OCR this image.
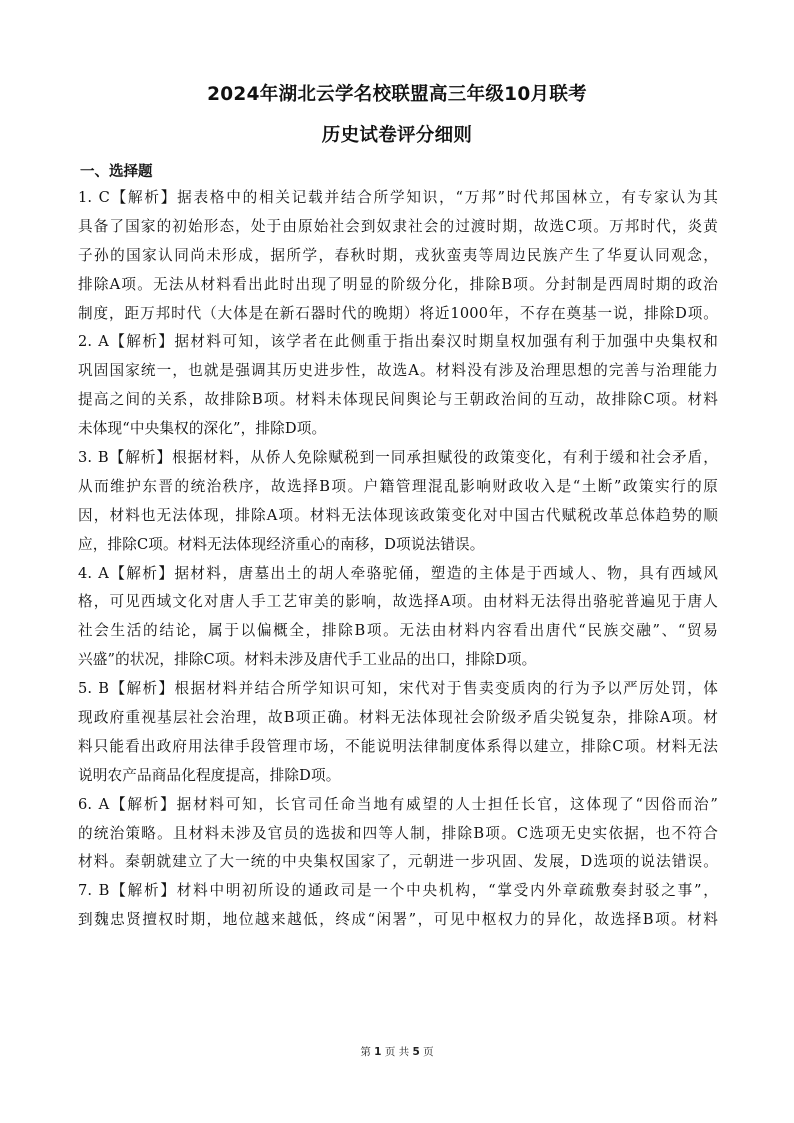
2024年湖北云学名校联盟高三年级10月联考
历史试卷评分细则
一、选择题
1. C【解析】据表格中的相关记载并结合所学知识，“万邦”时代邦国林立，有专家认为其
具备了国家的初始形态，处于由原始社会到奴隶社会的过渡时期，故选C项。万邦时代，炎黄
子孙的国家认同尚未形成，据所学，春秋时期，戎狄蛮夷等周边民族产生了华夏认同观念，
排除A项。无法从材料看出此时出现了明显的阶级分化，排除B项。分封制是西周时期的政治
制度，距万邦时代（大体是在新石器时代的晚期）将近1000年，不存在奠基一说，排除D项。
2. A【解析】据材料可知，该学者在此侧重于指出秦汉时期皇权加强有利于加强中央集权和
巩固国家统一，也就是强调其历史进步性，故选A。材料没有涉及治理思想的完善与治理能力
提高之间的关系，故排除B项。材料未体现民间舆论与王朝政治间的互动，故排除C项。材料
未体现“中央集权的深化”，排除D项。
3. B【解析】根据材料，从侨人免除赋税到一同承担赋役的政策变化，有利于缓和社会矛盾，
从而维护东晋的统治秩序，故选择B项。户籍管理混乱影响财政收入是“土断”政策实行的原
因，材料也无法体现，排除A项。材料无法体现该政策变化对中国古代赋税改革总体趋势的顺
应，排除C项。材料无法体现经济重心的南移，D项说法错误。
4. A【解析】据材料，唐墓出土的胡人牵骆驼俑，塑造的主体是于西域人、物，具有西域风
格，可见西域文化对唐人手工艺审美的影响，故选择A项。由材料无法得出骆驼普遍见于唐人
社会生活的结论，属于以偏概全，排除B项。无法由材料内容看出唐代“民族交融”、“贸易
兴盛”的状况，排除C项。材料未涉及唐代手工业品的出口，排除D项。
5. B【解析】根据材料并结合所学知识可知，宋代对于售卖变质肉的行为予以严厉处罚，体
现政府重视基层社会治理，故B项正确。材料无法体现社会阶级矛盾尖锐复杂，排除A项。材
料只能看出政府用法律手段管理市场，不能说明法律制度体系得以建立，排除C项。材料无法
说明农产品商品化程度提高，排除D项。
6. A【解析】据材料可知，长官司任命当地有威望的人士担任长官，这体现了“因俗而治”
的统治策略。且材料未涉及官员的选拔和四等人制，排除B项。C选项无史实依据，也不符合
材料。秦朝就建立了大一统的中央集权国家了，元朝进一步巩固、发展，D选项的说法错误。
7. B【解析】材料中明初所设的通政司是一个中央机构，“掌受内外章疏敷奏封驳之事”，
到魏忠贤擅权时期，地位越来越低，终成“闲署”，可见中枢权力的异化，故选择B项。材料
第 1 页 共 5 页
